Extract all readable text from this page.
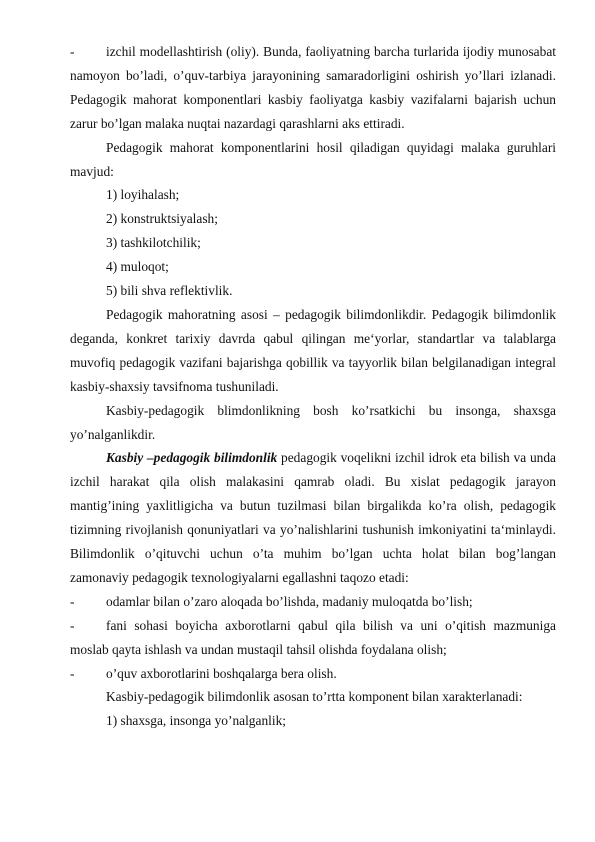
- izchil modellashtirish (oliy). Bunda, faoliyatning barcha turlarida ijodiy munosabat namoyon bo’ladi, o’quv-tarbiya jarayonining samaradorligini oshirish yo’llari izlanadi. Pedagogik mahorat komponentlari kasbiy faoliyatga kasbiy vazifalarni bajarish uchun zarur bo’lgan malaka nuqtai nazardagi qarashlarni aks ettiradi.

Pedagogik mahorat komponentlarini hosil qiladigan quyidagi malaka guruhlari mavjud:

1) loyihalash;

2) konstruktsiyalash;

3) tashkilotchilik;

4) muloqot;

5) bili shva reflektivlik.

Pedagogik mahoratning asosi – pedagogik bilimdonlikdir. Pedagogik bilimdonlik deganda, konkret tarixiy davrda qabul qilingan me‘yorlar, standartlar va talablarga muvofiq pedagogik vazifani bajarishga qobillik va tayyorlik bilan belgilanadigan integral kasbiy-shaxsiy tavsifnoma tushuniladi.

Kasbiy-pedagogik blimdonlikning bosh ko’rsatkichi bu insonga, shaxsga yo’nalganlikdir.

Kasbiy –pedagogik bilimdonlik pedagogik voqelikni izchil idrok eta bilish va unda izchil harakat qila olish malakasini qamrab oladi. Bu xislat pedagogik jarayon mantig’ining yaxlitligicha va butun tuzilmasi bilan birgalikda ko’ra olish, pedagogik tizimning rivojlanish qonuniyatlari va yo’nalishlarini tushunish imkoniyatini ta‘minlaydi. Bilimdonlik o’qituvchi uchun o’ta muhim bo’lgan uchta holat bilan bog’langan zamonaviy pedagogik texnologiyalarni egallashni taqozo etadi:

- odamlar bilan o’zaro aloqada bo’lishda, madaniy muloqatda bo’lish;

- fani sohasi boyicha axborotlarni qabul qila bilish va uni o’qitish mazmuniga moslab qayta ishlash va undan mustaqil tahsil olishda foydalana olish;

- o’quv axborotlarini boshqalarga bera olish.

Kasbiy-pedagogik bilimdonlik asosan to’rtta komponent bilan xarakterlanadi:

1) shaxsga, insonga yo’nalganlik;
